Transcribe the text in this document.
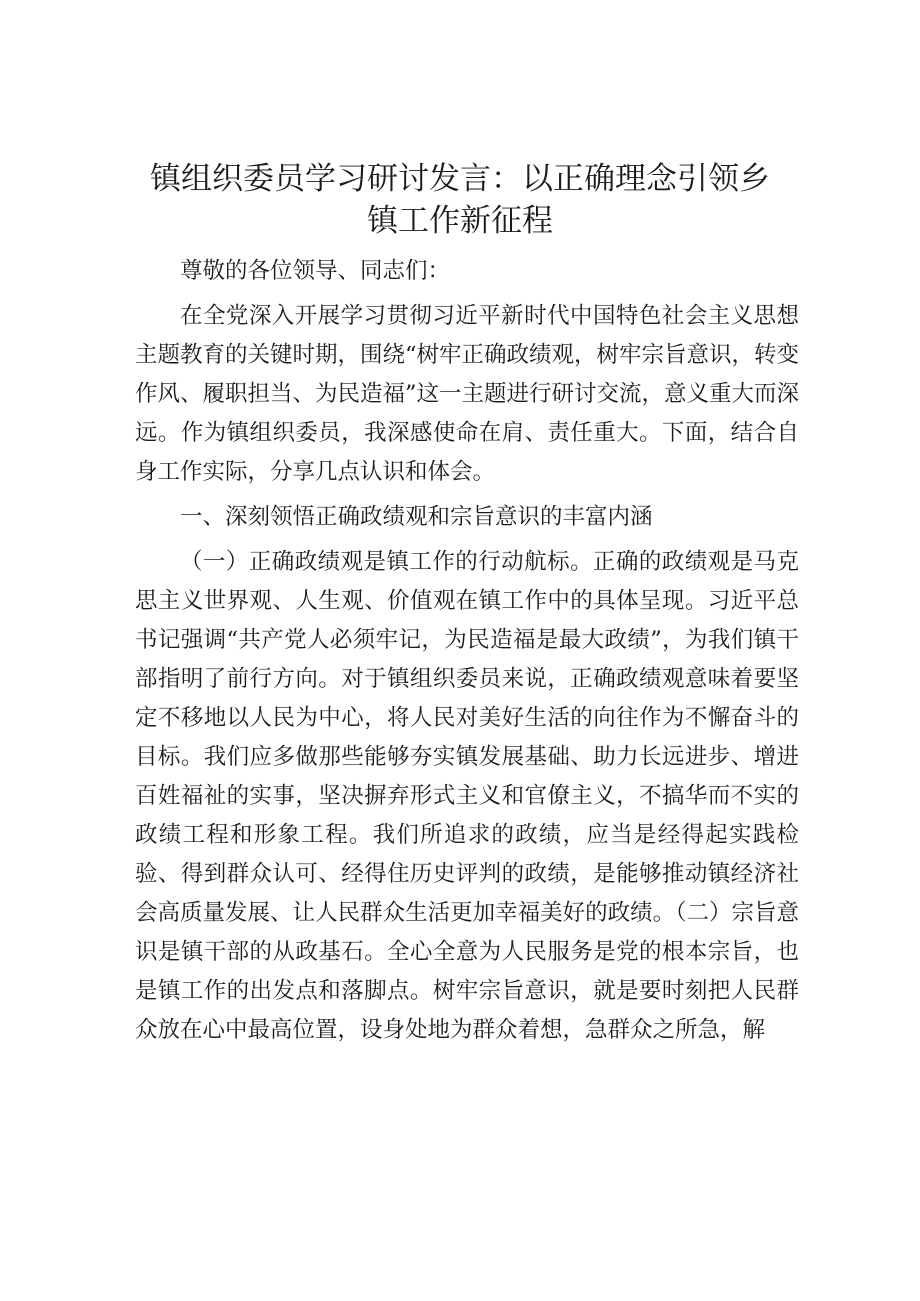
镇组织委员学习研讨发言：以正确理念引领乡
镇工作新征程

尊敬的各位领导、同志们：

在全党深入开展学习贯彻习近平新时代中国特色社会主义思想主题教育的关键时期，围绕“树牢正确政绩观，树牢宗旨意识，转变作风、履职担当、为民造福”这一主题进行研讨交流，意义重大而深远。作为镇组织委员，我深感使命在肩、责任重大。下面，结合自身工作实际，分享几点认识和体会。

一、深刻领悟正确政绩观和宗旨意识的丰富内涵

（一）正确政绩观是镇工作的行动航标。正确的政绩观是马克思主义世界观、人生观、价值观在镇工作中的具体呈现。习近平总书记强调“共产党人必须牢记，为民造福是最大政绩”，为我们镇干部指明了前行方向。对于镇组织委员来说，正确政绩观意味着要坚定不移地以人民为中心，将人民对美好生活的向往作为不懈奋斗的目标。我们应多做那些能够夯实镇发展基础、助力长远进步、增进百姓福祉的实事，坚决摒弃形式主义和官僚主义，不搞华而不实的政绩工程和形象工程。我们所追求的政绩，应当是经得起实践检验、得到群众认可、经得住历史评判的政绩，是能够推动镇经济社会高质量发展、让人民群众生活更加幸福美好的政绩。（二）宗旨意识是镇干部的从政基石。全心全意为人民服务是党的根本宗旨，也是镇工作的出发点和落脚点。树牢宗旨意识，就是要时刻把人民群众放在心中最高位置，设身处地为群众着想，急群众之所急，解
